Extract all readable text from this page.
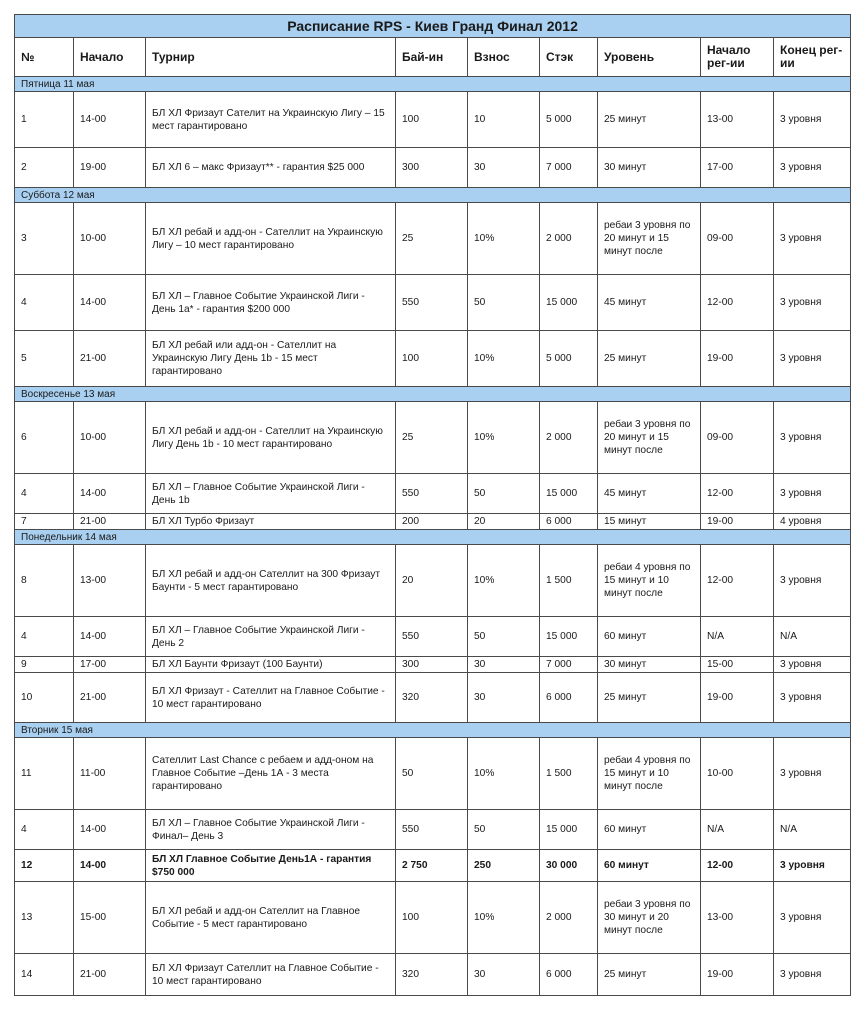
Расписание RPS - Киев Гранд Финал 2012								
№	Начало	Турнир	Бай-ин	Взнос	Стэк	Уровень	Начало рег-ии	Конец рег-ии
Пятница 11 мая								
1	14-00	БЛ ХЛ Фризаут Сателит на Украинскую Лигу – 15 мест гарантировано	100	10	5 000	25 минут	13-00	3 уровня
2	19-00	БЛ ХЛ 6 – макс Фризаут** - гарантия $25 000	300	30	7 000	30 минут	17-00	3 уровня
Суббота 12 мая								
3	10-00	БЛ ХЛ ребай и адд-он - Сателлит на Украинскую Лигу – 10 мест гарантировано	25	10%	2 000	ребаи 3 уровня по 20 минут и 15 минут после	09-00	3 уровня
4	14-00	БЛ ХЛ – Главное Событие Украинской Лиги - День 1а* - гарантия $200 000	550	50	15 000	45 минут	12-00	3 уровня
5	21-00	БЛ ХЛ ребай или адд-он - Сателлит на Украинскую Лигу День 1b - 15 мест гарантировано	100	10%	5 000	25 минут	19-00	3 уровня
Воскресенье 13 мая								
6	10-00	БЛ ХЛ ребай и адд-он - Сателлит на Украинскую Лигу День 1b - 10 мест гарантировано	25	10%	2 000	ребаи 3 уровня по 20 минут и 15 минут после	09-00	3 уровня
4	14-00	БЛ ХЛ – Главное Событие Украинской Лиги - День 1b	550	50	15 000	45 минут	12-00	3 уровня
7	21-00	БЛ ХЛ Турбо Фризаут	200	20	6 000	15 минут	19-00	4 уровня
Понедельник 14 мая								
8	13-00	БЛ ХЛ ребай и адд-он Сателлит на 300 Фризаут Баунти - 5 мест гарантировано	20	10%	1 500	ребаи 4 уровня по 15 минут и 10 минут после	12-00	3 уровня
4	14-00	БЛ ХЛ – Главное Событие Украинской Лиги - День 2	550	50	15 000	60 минут	N/A	N/A
9	17-00	БЛ ХЛ Баунти Фризаут (100 Баунти)	300	30	7 000	30 минут	15-00	3 уровня
10	21-00	БЛ ХЛ Фризаут - Сателлит на Главное Событие - 10 мест гарантировано	320	30	6 000	25 минут	19-00	3 уровня
Вторник 15 мая								
11	11-00	Сателлит Last Chance с ребаем и адд-оном на Главное Событие –День 1А - 3 места гарантировано	50	10%	1 500	ребаи 4 уровня по 15 минут и 10 минут после	10-00	3 уровня
4	14-00	БЛ ХЛ – Главное Событие Украинской Лиги - Финал– День 3	550	50	15 000	60 минут	N/A	N/A
12	14-00	БЛ ХЛ Главное Событие День1А - гарантия $750 000	2 750	250	30 000	60 минут	12-00	3 уровня
13	15-00	БЛ ХЛ ребай и адд-он Сателлит на Главное Событие - 5 мест гарантировано	100	10%	2 000	ребаи 3 уровня по 30 минут и 20 минут после	13-00	3 уровня
14	21-00	БЛ ХЛ Фризаут Сателлит на Главное Событие - 10 мест гарантировано	320	30	6 000	25 минут	19-00	3 уровня
